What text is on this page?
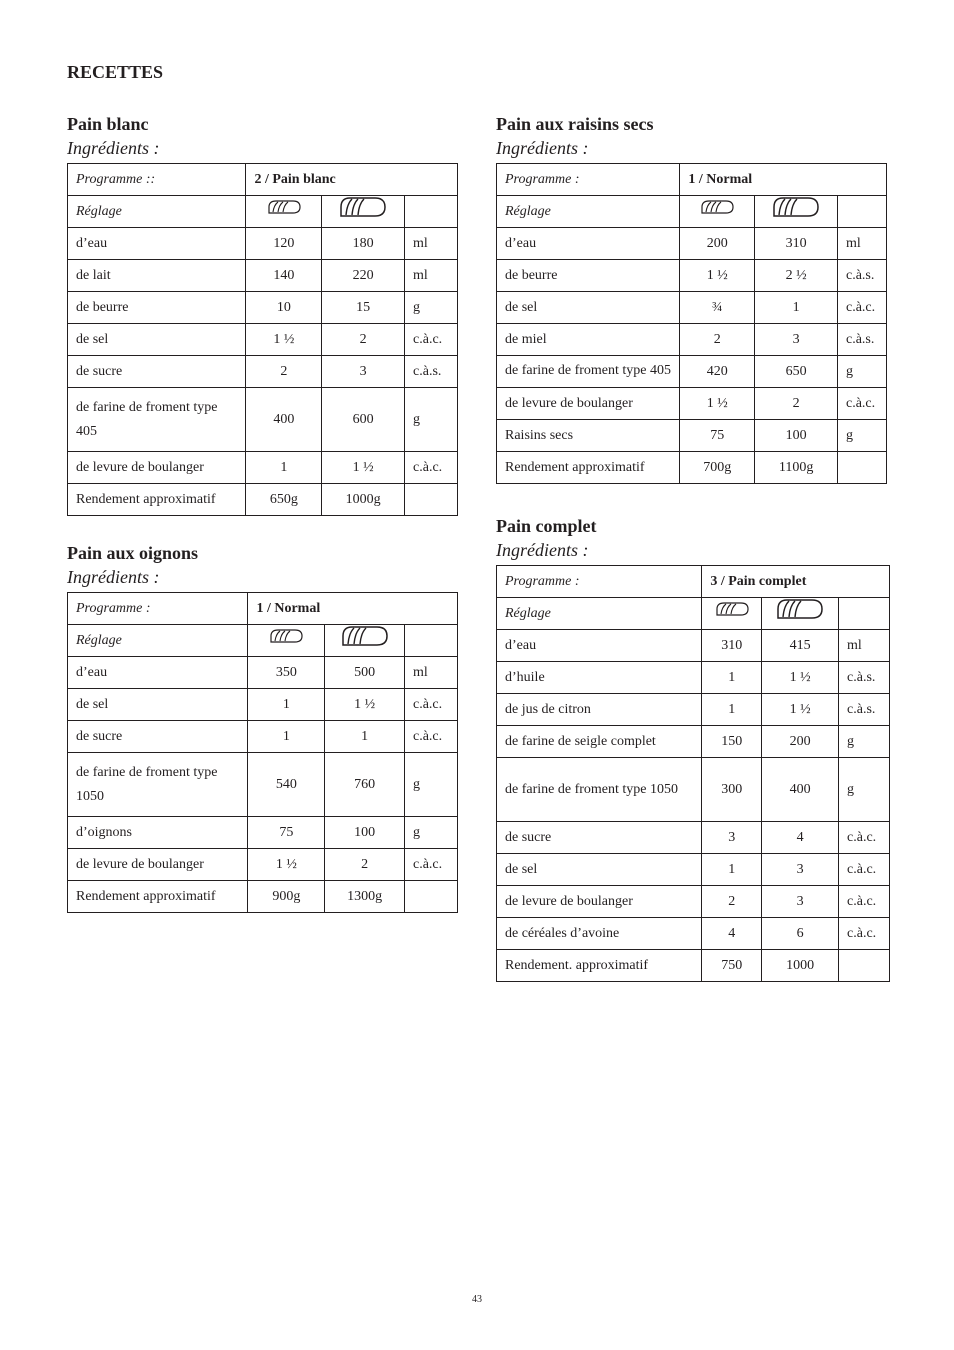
RECETTES
Pain blanc

Ingrédients :

Programme ::	2 / Pain blanc		
Réglage			
d’eau	120	180	ml
de lait	140	220	ml
de beurre	10	15	g
de sel	1 ½	2	c.à.c.
de sucre	2	3	c.à.s.
de farine de froment type 405	400	600	g
de levure de boulanger	1	1 ½	c.à.c.
Rendement approximatif	650g	1000g	
Pain aux oignons

Ingrédients :

Programme :	1 / Normal		
Réglage			
d’eau	350	500	ml
de sel	1	1 ½	c.à.c.
de sucre	1	1	c.à.c.
de farine de froment type 1050	540	760	g
d’oignons	75	100	g
de levure de boulanger	1 ½	2	c.à.c.
Rendement approximatif	900g	1300g	
Pain aux raisins secs

Ingrédients :

Programme :	1 / Normal		
Réglage			
d’eau	200	310	ml
de beurre	1 ½	2 ½	c.à.s.
de sel	¾	1	c.à.c.
de miel	2	3	c.à.s.
de farine de froment type 405	420	650	g
de levure de boulanger	1 ½	2	c.à.c.
Raisins secs	75	100	g
Rendement approximatif	700g	1100g	
Pain complet

Ingrédients :

Programme :	3 / Pain complet		
Réglage			
d’eau	310	415	ml
d’huile	1	1 ½	c.à.s.
de jus de citron	1	1 ½	c.à.s.
de farine de seigle complet	150	200	g
de farine de froment type 1050	300	400	g
de sucre	3	4	c.à.c.
de sel	1	3	c.à.c.
de levure de boulanger	2	3	c.à.c.
de céréales d’avoine	4	6	c.à.c.
Rendement. approximatif	750	1000	

43
